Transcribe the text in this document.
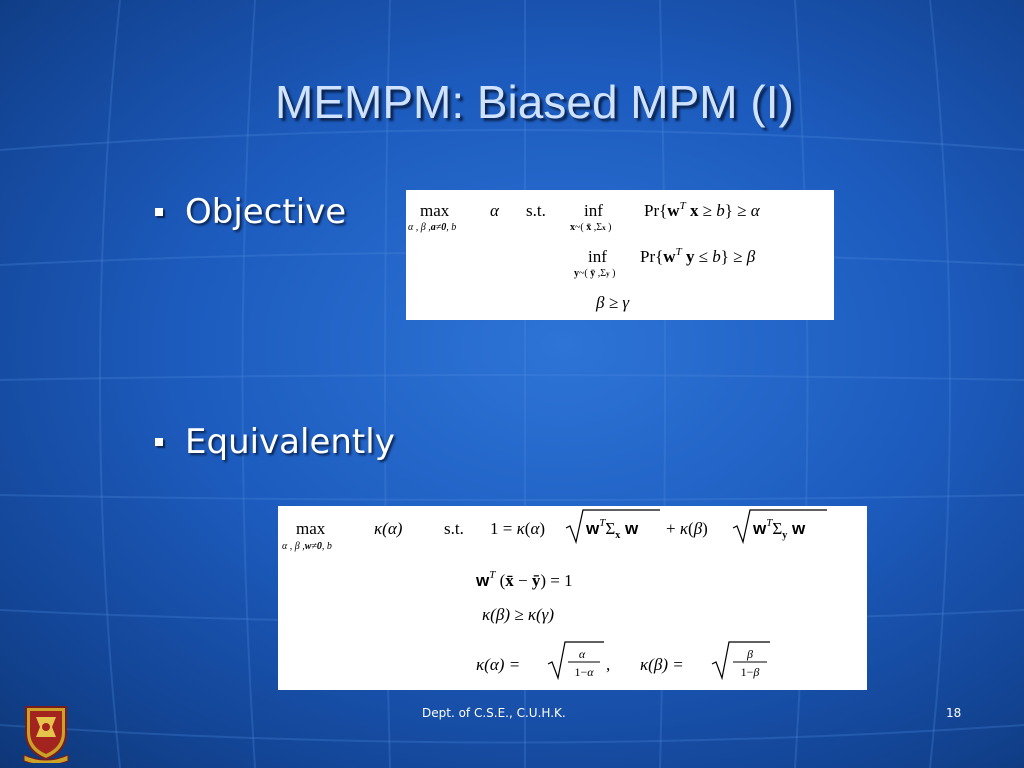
MEMPM: Biased MPM (I)
Objective
Equivalently
max
α , β ,a≠0, b
α s.t. inf
x~( x̄ ,Σx )
$Pr\{w^T$ x ≥ b} ≥ α
inf
y~( ȳ ,Σy )
$Pr\{w^T$ y ≤ b} ≥ β
β ≥ γ
max
α , β ,w≠0, b
κ(α) s.t. 1 = κ(α) $w^T\Sigma_x$ w + κ(β)	$w^T\Sigma_y$ w
$w^T$ (x̄ − ȳ) = 1
κ(β) ≥ κ(γ)
κ(α) =
α
1−α , κ(β) =
β
1−β
Dept. of C.S.E., C.U.H.K.	18
